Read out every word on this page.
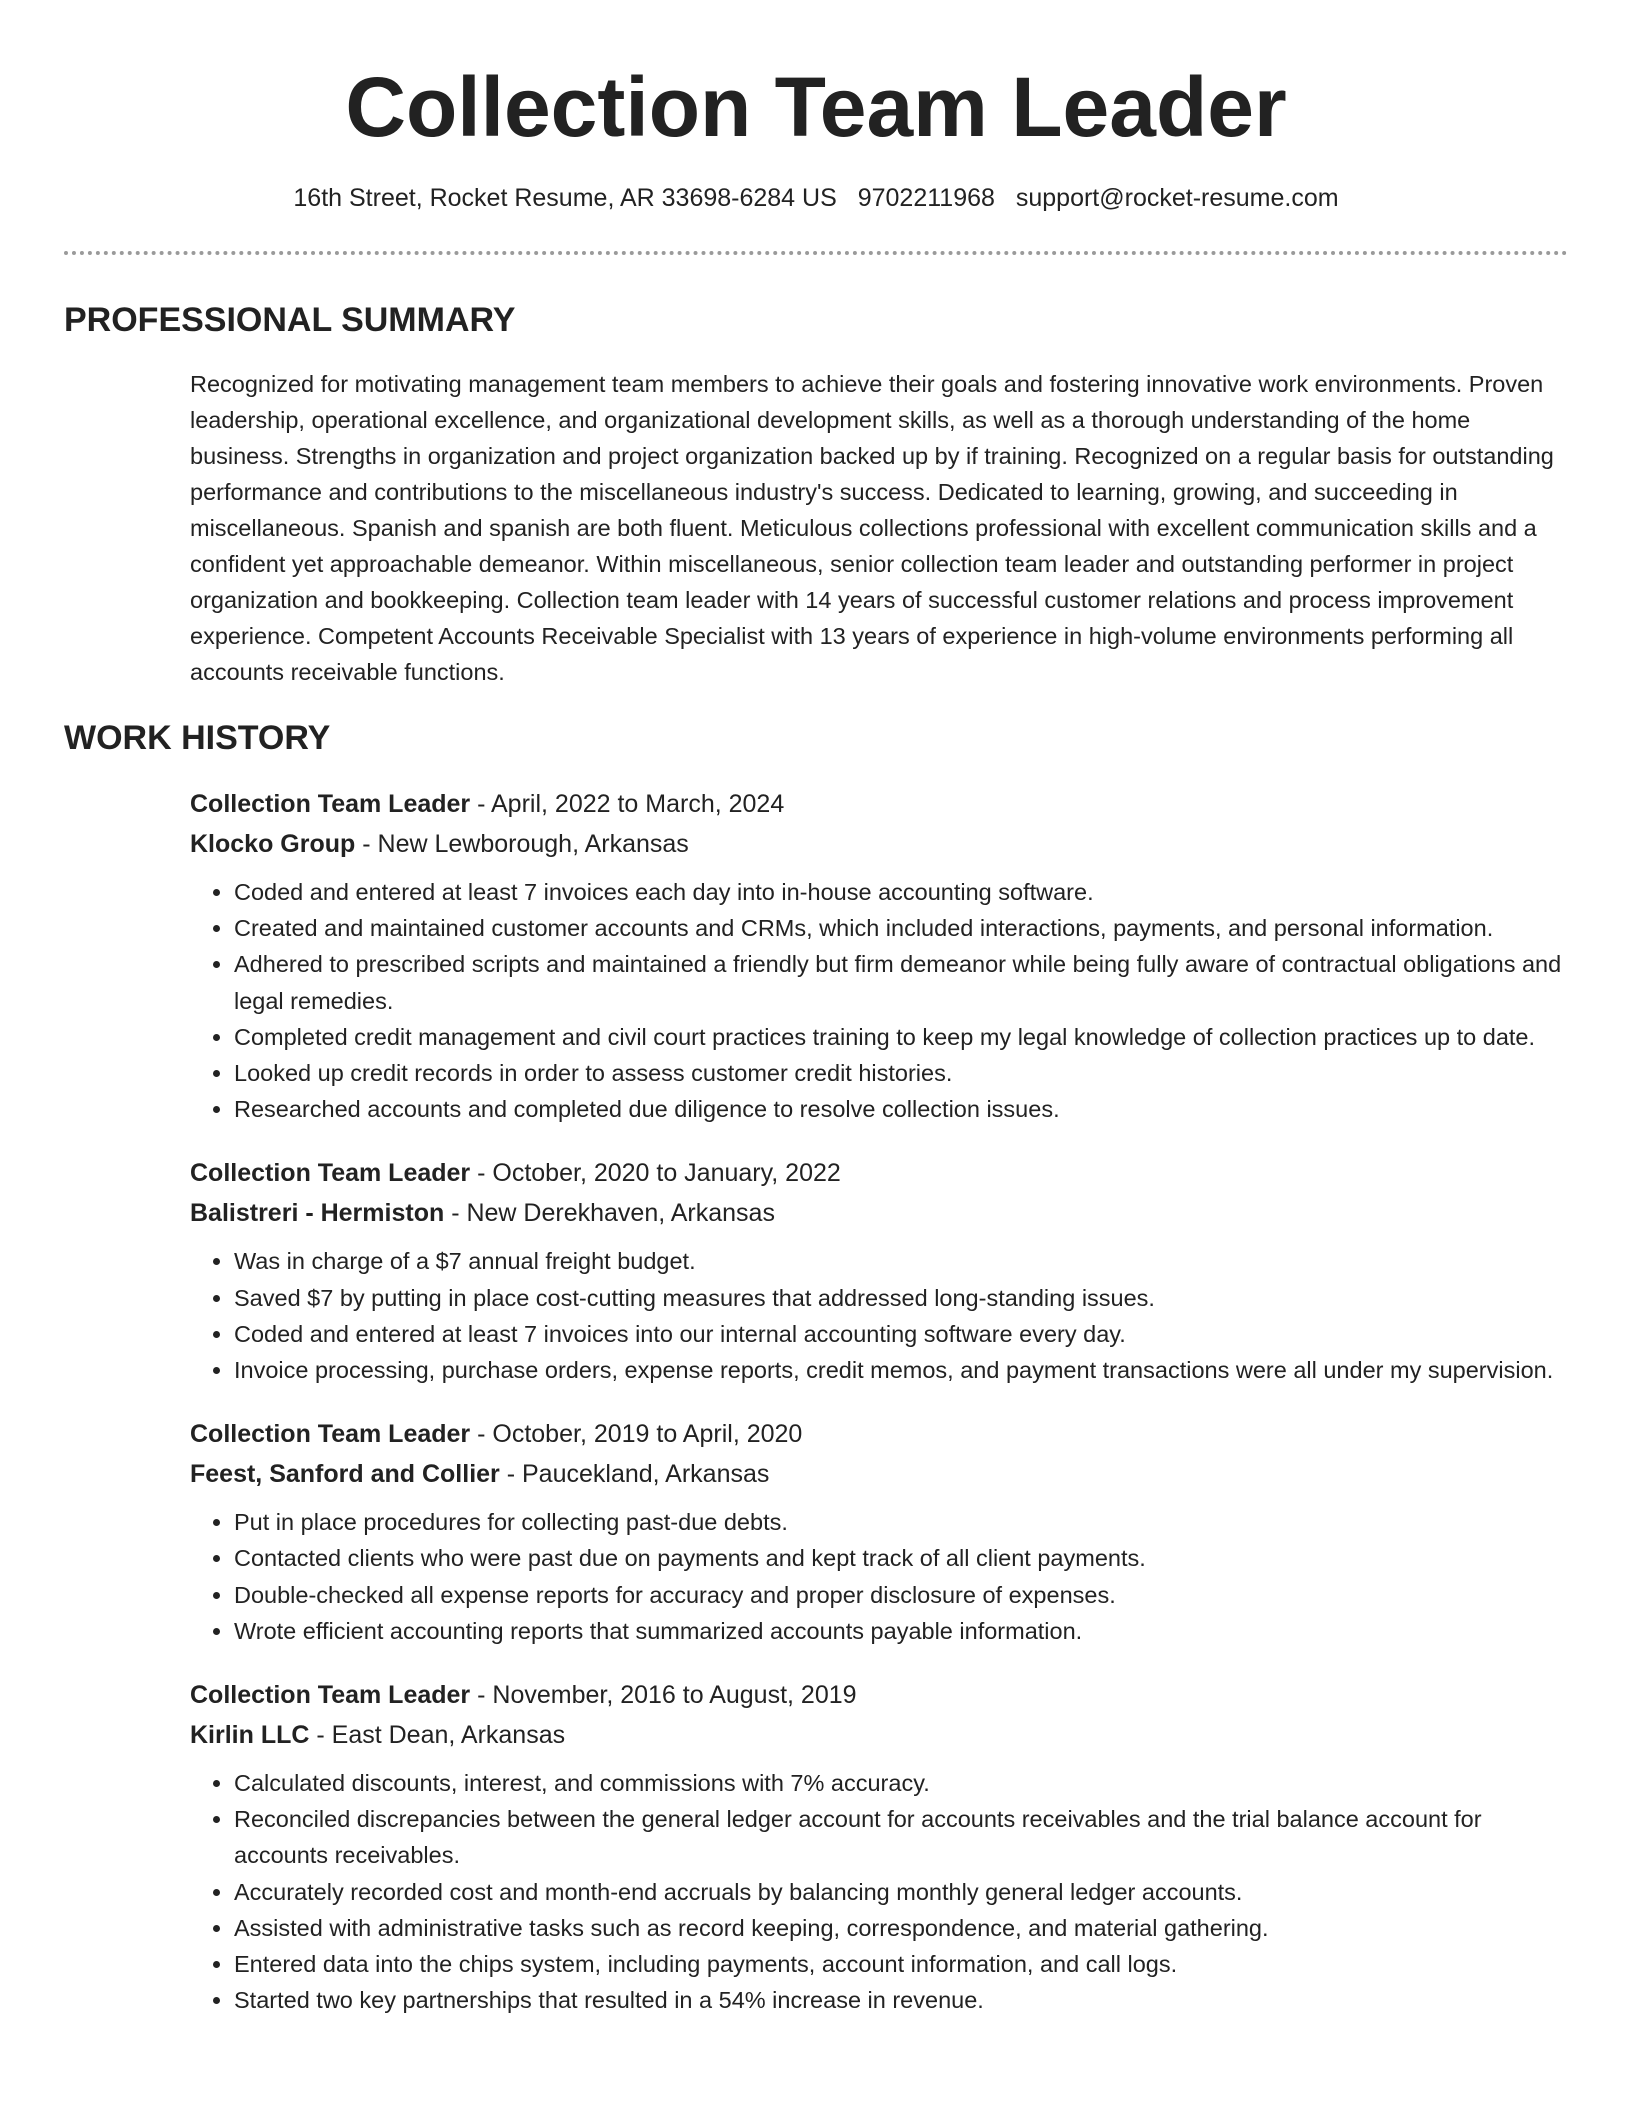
Collection Team Leader
16th Street, Rocket Resume, AR 33698-6284 US 9702211968 support@rocket-resume.com
PROFESSIONAL SUMMARY
Recognized for motivating management team members to achieve their goals and fostering innovative work environments. Proven leadership, operational excellence, and organizational development skills, as well as a thorough understanding of the home business. Strengths in organization and project organization backed up by if training. Recognized on a regular basis for outstanding performance and contributions to the miscellaneous industry's success. Dedicated to learning, growing, and succeeding in miscellaneous. Spanish and spanish are both fluent. Meticulous collections professional with excellent communication skills and a confident yet approachable demeanor. Within miscellaneous, senior collection team leader and outstanding performer in project organization and bookkeeping. Collection team leader with 14 years of successful customer relations and process improvement experience. Competent Accounts Receivable Specialist with 13 years of experience in high-volume environments performing all accounts receivable functions.
WORK HISTORY
Collection Team Leader - April, 2022 to March, 2024
Klocko Group - New Lewborough, Arkansas
• Coded and entered at least 7 invoices each day into in-house accounting software.
• Created and maintained customer accounts and CRMs, which included interactions, payments, and personal information.
• Adhered to prescribed scripts and maintained a friendly but firm demeanor while being fully aware of contractual obligations and legal remedies.
• Completed credit management and civil court practices training to keep my legal knowledge of collection practices up to date.
• Looked up credit records in order to assess customer credit histories.
• Researched accounts and completed due diligence to resolve collection issues.
Collection Team Leader - October, 2020 to January, 2022
Balistreri - Hermiston - New Derekhaven, Arkansas
• Was in charge of a $7 annual freight budget.
• Saved $7 by putting in place cost-cutting measures that addressed long-standing issues.
• Coded and entered at least 7 invoices into our internal accounting software every day.
• Invoice processing, purchase orders, expense reports, credit memos, and payment transactions were all under my supervision.
Collection Team Leader - October, 2019 to April, 2020
Feest, Sanford and Collier - Paucekland, Arkansas
• Put in place procedures for collecting past-due debts.
• Contacted clients who were past due on payments and kept track of all client payments.
• Double-checked all expense reports for accuracy and proper disclosure of expenses.
• Wrote efficient accounting reports that summarized accounts payable information.
Collection Team Leader - November, 2016 to August, 2019
Kirlin LLC - East Dean, Arkansas
• Calculated discounts, interest, and commissions with 7% accuracy.
• Reconciled discrepancies between the general ledger account for accounts receivables and the trial balance account for accounts receivables.
• Accurately recorded cost and month-end accruals by balancing monthly general ledger accounts.
• Assisted with administrative tasks such as record keeping, correspondence, and material gathering.
• Entered data into the chips system, including payments, account information, and call logs.
• Started two key partnerships that resulted in a 54% increase in revenue.
